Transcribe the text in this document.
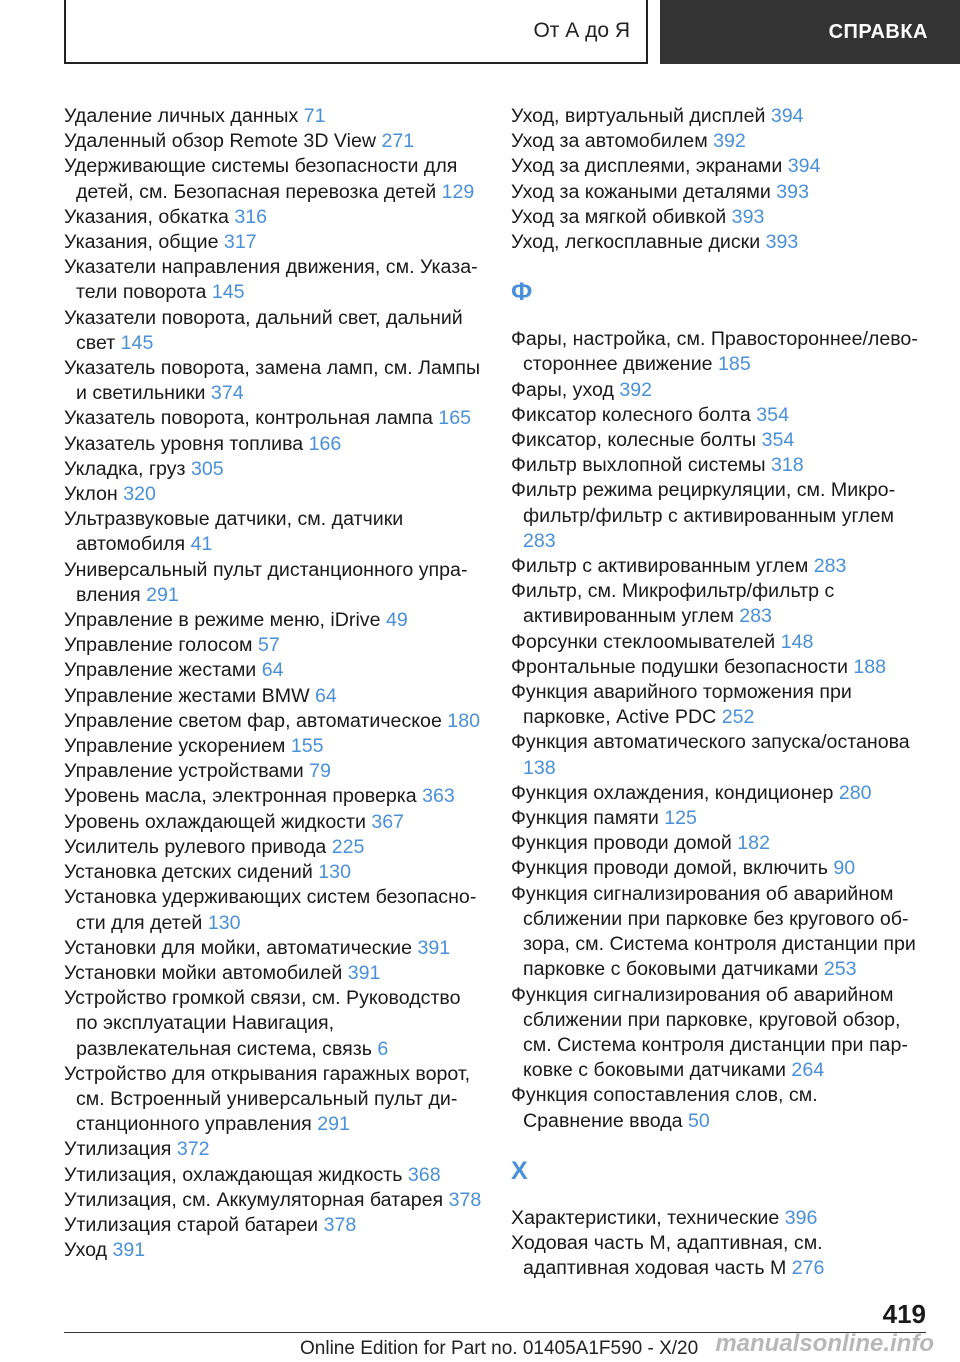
От А до Я	СПРАВКА

Удаление личных данных 71

Удаленный обзор Remote 3D View 271

Удерживающие системы безопасности для детей, см. Безопасная перевозка детей 129

Указания, обкатка 316

Указания, общие 317

Указатели направления движения, см. Указатели поворота 145

Указатели поворота, дальний свет, дальний свет 145

Указатель поворота, замена ламп, см. Лампы и светильники 374

Указатель поворота, контрольная лампа 165

Указатель уровня топлива 166

Укладка, груз 305

Уклон 320

Ультразвуковые датчики, см. датчики автомобиля 41

Универсальный пульт дистанционного управления 291

Управление в режиме меню, iDrive 49

Управление голосом 57

Управление жестами 64

Управление жестами BMW 64

Управление светом фар, автоматическое 180

Управление ускорением 155

Управление устройствами 79

Уровень масла, электронная проверка 363

Уровень охлаждающей жидкости 367

Усилитель рулевого привода 225

Установка детских сидений 130

Установка удерживающих систем безопасности для детей 130

Установки для мойки, автоматические 391

Установки мойки автомобилей 391

Устройство громкой связи, см. Руководство по эксплуатации Навигация, развлекательная система, связь 6

Устройство для открывания гаражных ворот, см. Встроенный универсальный пульт дистанционного управления 291

Утилизация 372

Утилизация, охлаждающая жидкость 368

Утилизация, см. Аккумуляторная батарея 378

Утилизация старой батареи 378

Уход 391

Уход, виртуальный дисплей 394

Уход за автомобилем 392

Уход за дисплеями, экранами 394

Уход за кожаными деталями 393

Уход за мягкой обивкой 393

Уход, легкосплавные диски 393

Ф

Фары, настройка, см. Правостороннее/левостороннее движение 185

Фары, уход 392

Фиксатор колесного болта 354

Фиксатор, колесные болты 354

Фильтр выхлопной системы 318

Фильтр режима рециркуляции, см. Микрофильтр/фильтр с активированным углем 283

Фильтр с активированным углем 283

Фильтр, см. Микрофильтр/фильтр с активированным углем 283

Форсунки стеклоомывателей 148

Фронтальные подушки безопасности 188

Функция аварийного торможения при парковке, Active PDC 252

Функция автоматического запуска/останова 138

Функция охлаждения, кондиционер 280

Функция памяти 125

Функция проводи домой 182

Функция проводи домой, включить 90

Функция сигнализирования об аварийном сближении при парковке без кругового обзора, см. Система контроля дистанции при парковке с боковыми датчиками 253

Функция сигнализирования об аварийном сближении при парковке, круговой обзор, см. Система контроля дистанции при парковке с боковыми датчиками 264

Функция сопоставления слов, см. Сравнение ввода 50

Х

Характеристики, технические 396

Ходовая часть M, адаптивная, см. адаптивная ходовая часть M 276

419
Online Edition for Part no. 01405A1F590 - X/20 manualsonline.info
